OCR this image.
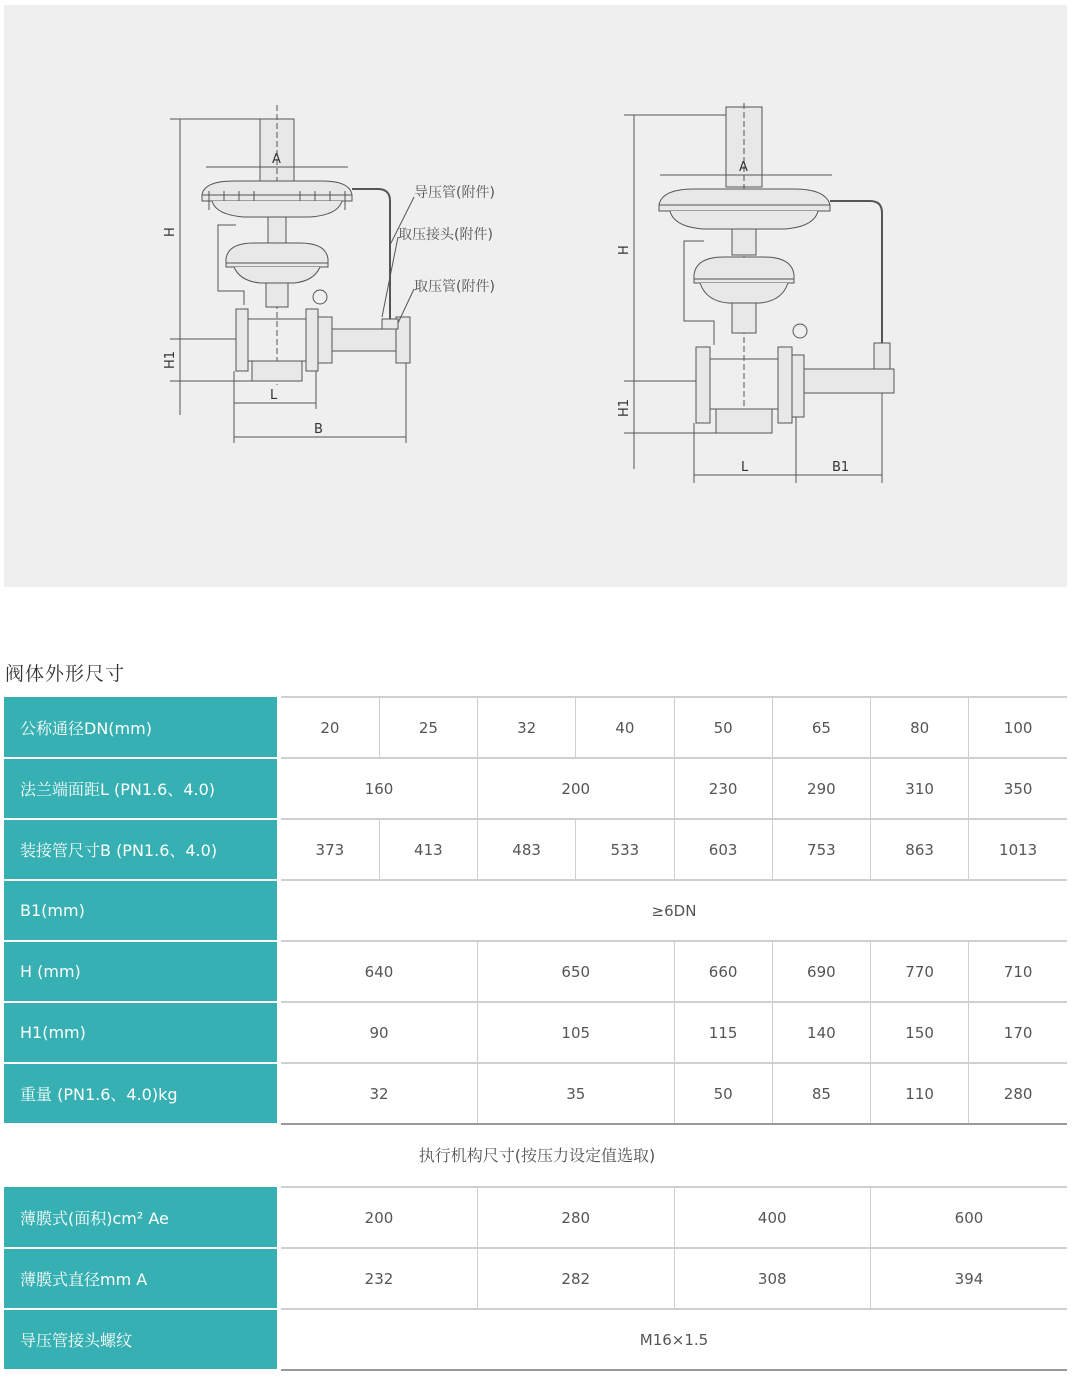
A
H
H1
L
B
导压管(附件)
取压接头(附件)
取压管(附件)
A
H
H1
L	B1
阀体外形尺寸
公称通径DN(mm)		20	25	32	40	50	65	80	100
法兰端面距L (PN1.6、4.0)		160		200		230	290	310	350
装接管尺寸B (PN1.6、4.0)		373	413	483	533	603	753	863	1013
B1(mm)		≥6DN							
H (mm)		640		650		660	690	770	710
H1(mm)		90		105		115	140	150	170
重量 (PN1.6、4.0)kg		32		35		50	85	110	280
执行机构尺寸(按压力设定值选取)
薄膜式(面积)cm² Ae		200	280	400	600
薄膜式直径mm A		232	282	308	394
导压管接头螺纹		M16×1.5			
